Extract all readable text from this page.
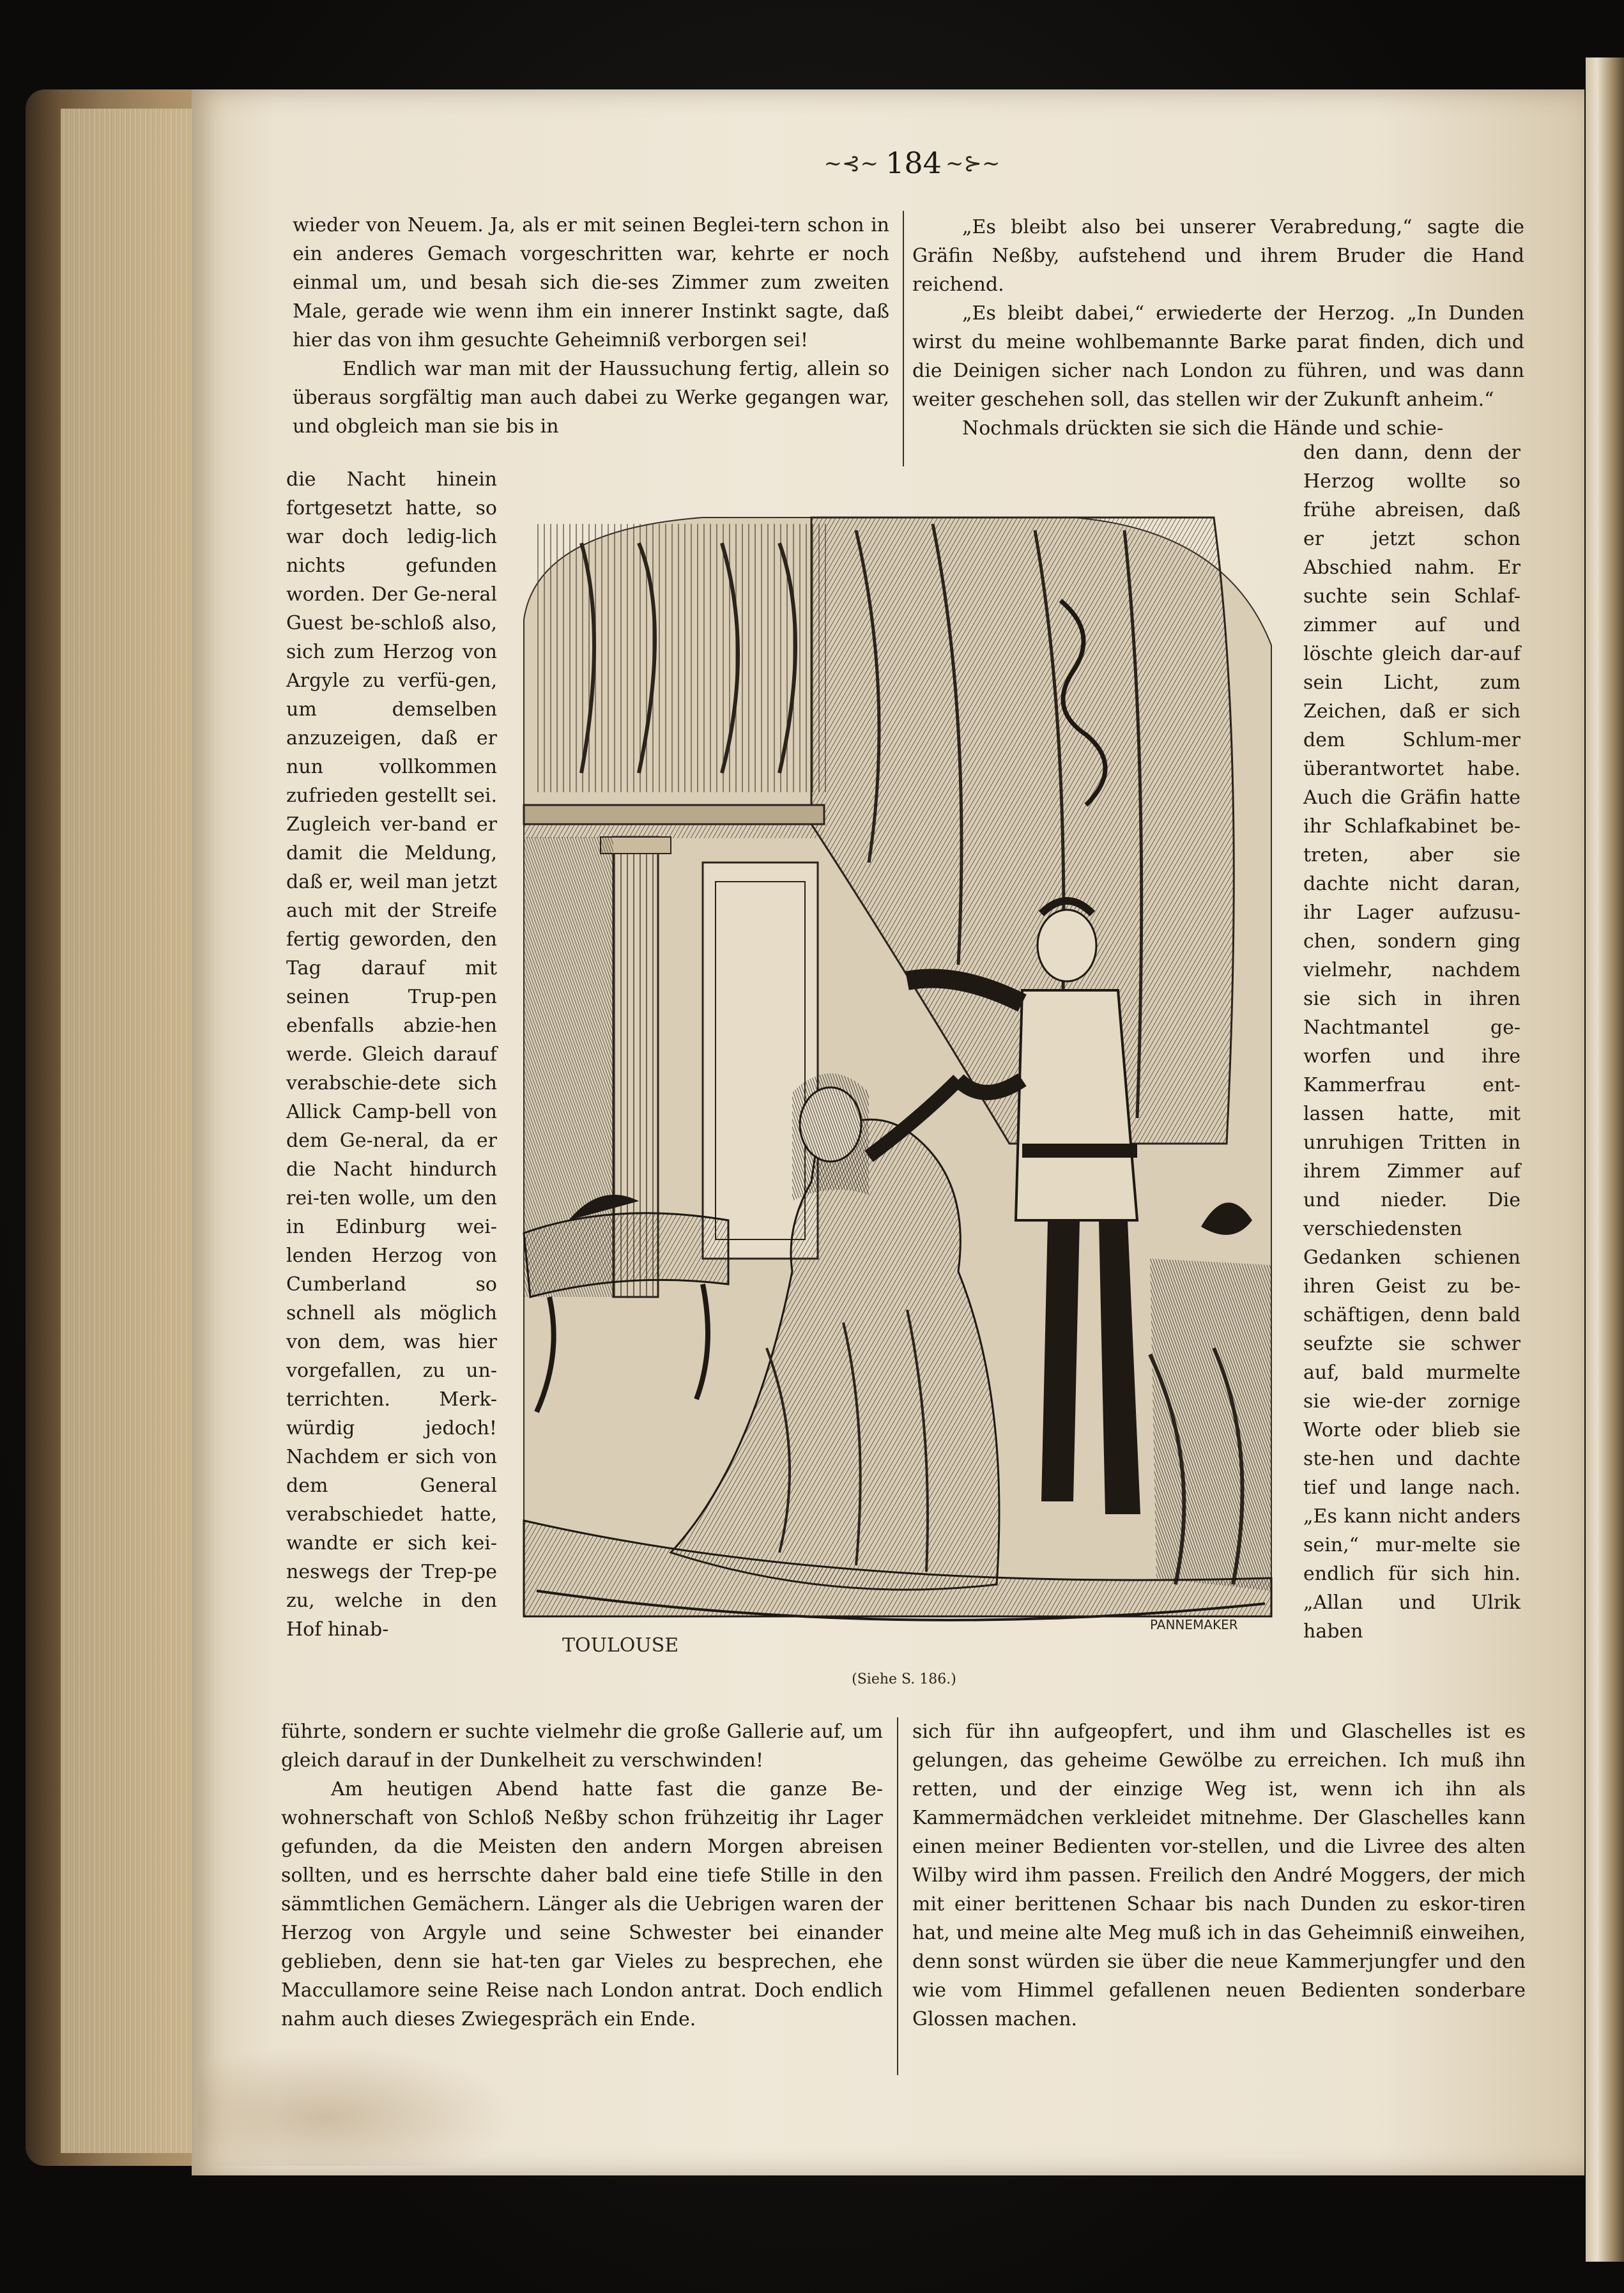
~⊰~ 184 ~⊱~

wieder von Neuem. Ja, als er mit seinen Beglei-tern schon in ein anderes Gemach vorgeschritten war, kehrte er noch einmal um, und besah sich die-ses Zimmer zum zweiten Male, gerade wie wenn ihm ein innerer Instinkt sagte, daß hier das von ihm gesuchte Geheimniß verborgen sei!

Endlich war man mit der Haussuchung fertig, allein so überaus sorgfältig man auch dabei zu Werke gegangen war, und obgleich man sie bis in

die Nacht hinein fortgesetzt hatte, so war doch ledig-lich nichts gefunden worden. Der Ge-neral Guest be-schloß also, sich zum Herzog von Argyle zu verfü-gen, um demselben anzuzeigen, daß er nun vollkommen zufrieden gestellt sei. Zugleich ver-band er damit die Meldung, daß er, weil man jetzt auch mit der Streife fertig geworden, den Tag darauf mit seinen Trup-pen ebenfalls abzie-hen werde. Gleich darauf verabschie-dete sich Allick Camp-bell von dem Ge-neral, da er die Nacht hindurch rei-ten wolle, um den in Edinburg wei-lenden Herzog von Cumberland so schnell als möglich von dem, was hier vorgefallen, zu un-terrichten. Merk-würdig jedoch! Nachdem er sich von dem General verabschiedet hatte, wandte er sich kei-neswegs der Trep-pe zu, welche in den Hof hinab-

führte, sondern er suchte vielmehr die große Gallerie auf, um gleich darauf in der Dunkelheit zu verschwinden!

Am heutigen Abend hatte fast die ganze Be-wohnerschaft von Schloß Neßby schon frühzeitig ihr Lager gefunden, da die Meisten den andern Morgen abreisen sollten, und es herrschte daher bald eine tiefe Stille in den sämmtlichen Gemächern. Länger als die Uebrigen waren der Herzog von Argyle und seine Schwester bei einander geblieben, denn sie hat-ten gar Vieles zu besprechen, ehe Maccullamore seine Reise nach London antrat. Doch endlich nahm auch dieses Zwiegespräch ein Ende.

„Es bleibt also bei unserer Verabredung,“ sagte die Gräfin Neßby, aufstehend und ihrem Bruder die Hand reichend.

„Es bleibt dabei,“ erwiederte der Herzog. „In Dunden wirst du meine wohlbemannte Barke parat finden, dich und die Deinigen sicher nach London zu führen, und was dann weiter geschehen soll, das stellen wir der Zukunft anheim.“

Nochmals drückten sie sich die Hände und schie-

den dann, denn der Herzog wollte so frühe abreisen, daß er jetzt schon Abschied nahm. Er suchte sein Schlaf-zimmer auf und löschte gleich dar-auf sein Licht, zum Zeichen, daß er sich dem Schlum-mer überantwortet habe. Auch die Gräfin hatte ihr Schlafkabinet be-treten, aber sie dachte nicht daran, ihr Lager aufzusu-chen, sondern ging vielmehr, nachdem sie sich in ihren Nachtmantel ge-worfen und ihre Kammerfrau ent-lassen hatte, mit unruhigen Tritten in ihrem Zimmer auf und nieder. Die verschiedensten Gedanken schienen ihren Geist zu be-schäftigen, denn bald seufzte sie schwer auf, bald murmelte sie wie-der zornige Worte oder blieb sie ste-hen und dachte tief und lange nach. „Es kann nicht anders sein,“ mur-melte sie endlich für sich hin. „Allan und Ulrik haben

sich für ihn aufgeopfert, und ihm und Glaschelles ist es gelungen, das geheime Gewölbe zu erreichen. Ich muß ihn retten, und der einzige Weg ist, wenn ich ihn als Kammermädchen verkleidet mitnehme. Der Glaschelles kann einen meiner Bedienten vor-stellen, und die Livree des alten Wilby wird ihm passen. Freilich den André Moggers, der mich mit einer berittenen Schaar bis nach Dunden zu eskor-tiren hat, und meine alte Meg muß ich in das Geheimniß einweihen, denn sonst würden sie über die neue Kammerjungfer und den wie vom Himmel gefallenen neuen Bedienten sonderbare Glossen machen.

TOULOUSE
PANNEMAKER
(Siehe S. 186.)
